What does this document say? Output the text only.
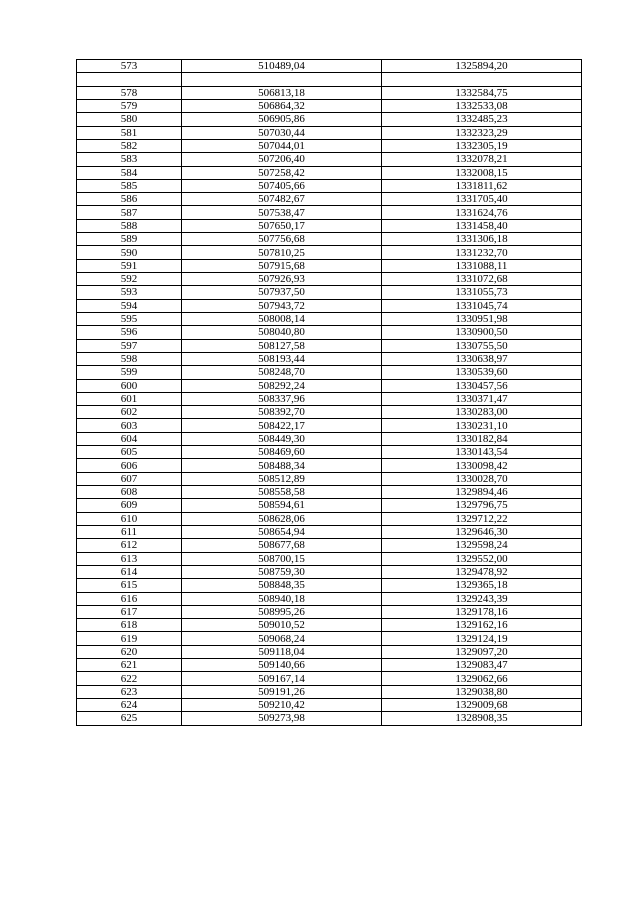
573	510489,04	1325894,20

578	506813,18	1332584,75
579	506864,32	1332533,08
580	506905,86	1332485,23
581	507030,44	1332323,29
582	507044,01	1332305,19
583	507206,40	1332078,21
584	507258,42	1332008,15
585	507405,66	1331811,62
586	507482,67	1331705,40
587	507538,47	1331624,76
588	507650,17	1331458,40
589	507756,68	1331306,18
590	507810,25	1331232,70
591	507915,68	1331088,11
592	507926,93	1331072,68
593	507937,50	1331055,73
594	507943,72	1331045,74
595	508008,14	1330951,98
596	508040,80	1330900,50
597	508127,58	1330755,50
598	508193,44	1330638,97
599	508248,70	1330539,60
600	508292,24	1330457,56
601	508337,96	1330371,47
602	508392,70	1330283,00
603	508422,17	1330231,10
604	508449,30	1330182,84
605	508469,60	1330143,54
606	508488,34	1330098,42
607	508512,89	1330028,70
608	508558,58	1329894,46
609	508594,61	1329796,75
610	508628,06	1329712,22
611	508654,94	1329646,30
612	508677,68	1329598,24
613	508700,15	1329552,00
614	508759,30	1329478,92
615	508848,35	1329365,18
616	508940,18	1329243,39
617	508995,26	1329178,16
618	509010,52	1329162,16
619	509068,24	1329124,19
620	509118,04	1329097,20
621	509140,66	1329083,47
622	509167,14	1329062,66
623	509191,26	1329038,80
624	509210,42	1329009,68
625	509273,98	1328908,35
